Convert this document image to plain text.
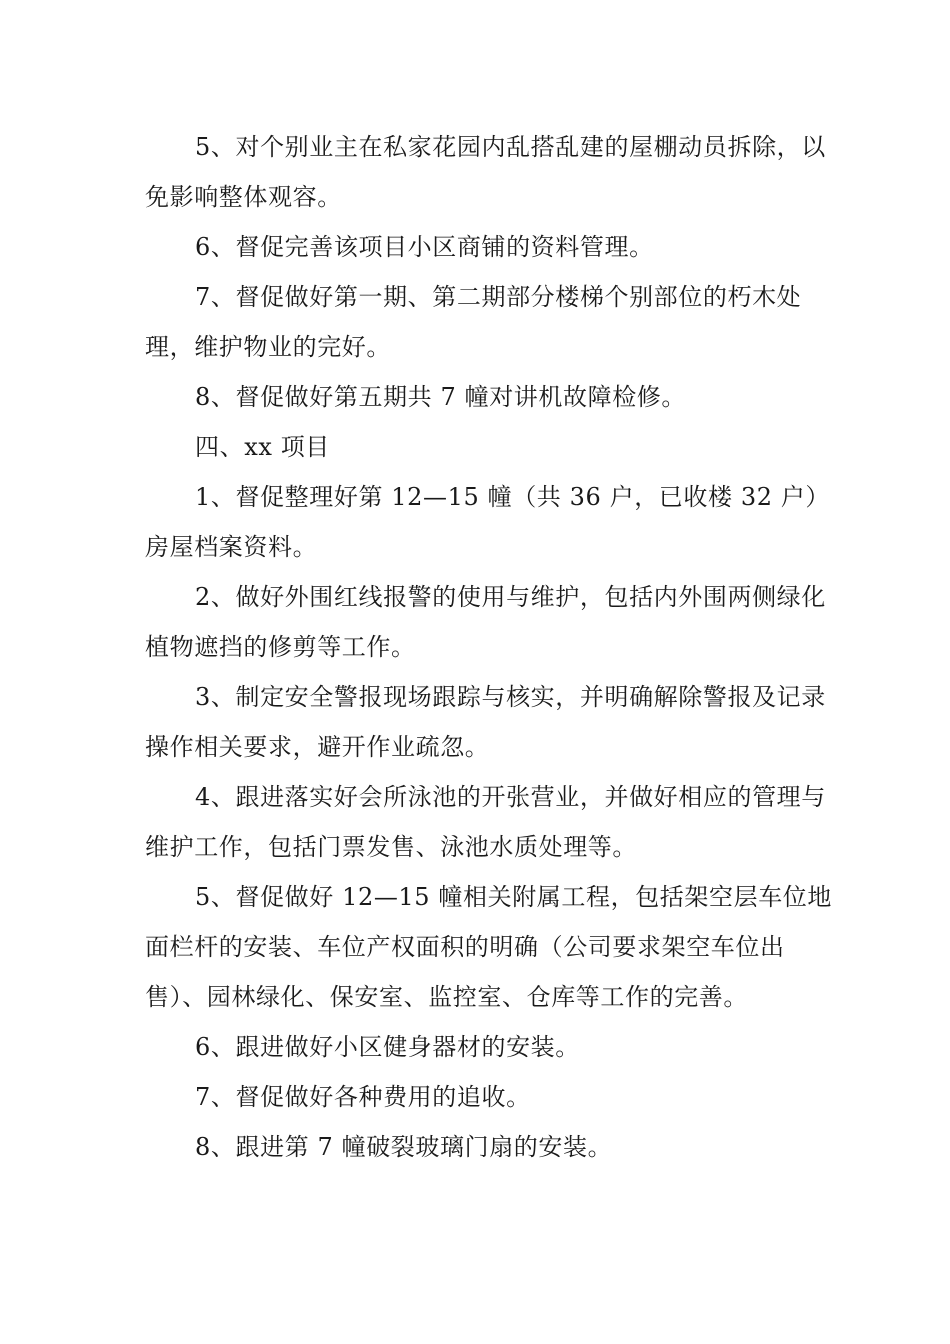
5、对个别业主在私家花园内乱搭乱建的屋棚动员拆除，以免影响整体观容。

6、督促完善该项目小区商铺的资料管理。

7、督促做好第一期、第二期部分楼梯个别部位的朽木处理，维护物业的完好。

8、督促做好第五期共 7 幢对讲机故障检修。

四、xx 项目

1、督促整理好第 12—15 幢（共 36 户，已收楼 32 户）房屋档案资料。

2、做好外围红线报警的使用与维护，包括内外围两侧绿化植物遮挡的修剪等工作。

3、制定安全警报现场跟踪与核实，并明确解除警报及记录操作相关要求，避开作业疏忽。

4、跟进落实好会所泳池的开张营业，并做好相应的管理与维护工作，包括门票发售、泳池水质处理等。

5、督促做好 12—15 幢相关附属工程，包括架空层车位地面栏杆的安装、车位产权面积的明确（公司要求架空车位出售）、园林绿化、保安室、监控室、仓库等工作的完善。

6、跟进做好小区健身器材的安装。

7、督促做好各种费用的追收。

8、跟进第 7 幢破裂玻璃门扇的安装。
